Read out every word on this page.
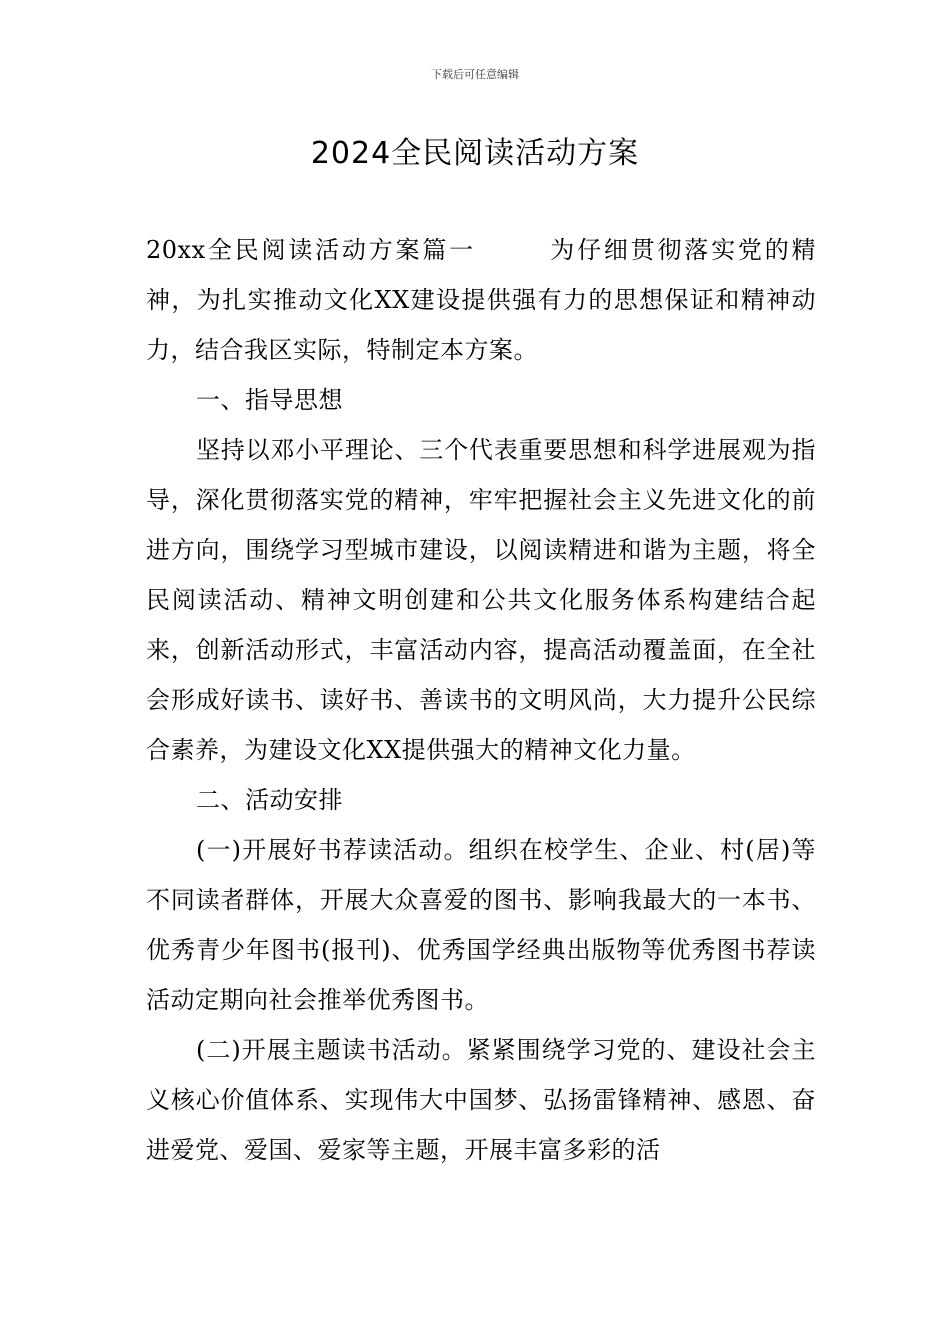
下载后可任意编辑
2024全民阅读活动方案

20xx全民阅读活动方案篇一	为仔细贯彻落实党的精神，为扎实推动文化XX建设提供强有力的思想保证和精神动力，结合我区实际，特制定本方案。

一、指导思想

坚持以邓小平理论、三个代表重要思想和科学进展观为指导，深化贯彻落实党的精神，牢牢把握社会主义先进文化的前进方向，围绕学习型城市建设，以阅读精进和谐为主题，将全民阅读活动、精神文明创建和公共文化服务体系构建结合起来，创新活动形式，丰富活动内容，提高活动覆盖面，在全社会形成好读书、读好书、善读书的文明风尚，大力提升公民综合素养，为建设文化XX提供强大的精神文化力量。

二、活动安排

(一)开展好书荐读活动。组织在校学生、企业、村(居)等不同读者群体，开展大众喜爱的图书、影响我最大的一本书、优秀青少年图书(报刊)、优秀国学经典出版物等优秀图书荐读活动定期向社会推举优秀图书。

(二)开展主题读书活动。紧紧围绕学习党的、建设社会主义核心价值体系、实现伟大中国梦、弘扬雷锋精神、感恩、奋进爱党、爱国、爱家等主题，开展丰富多彩的活
